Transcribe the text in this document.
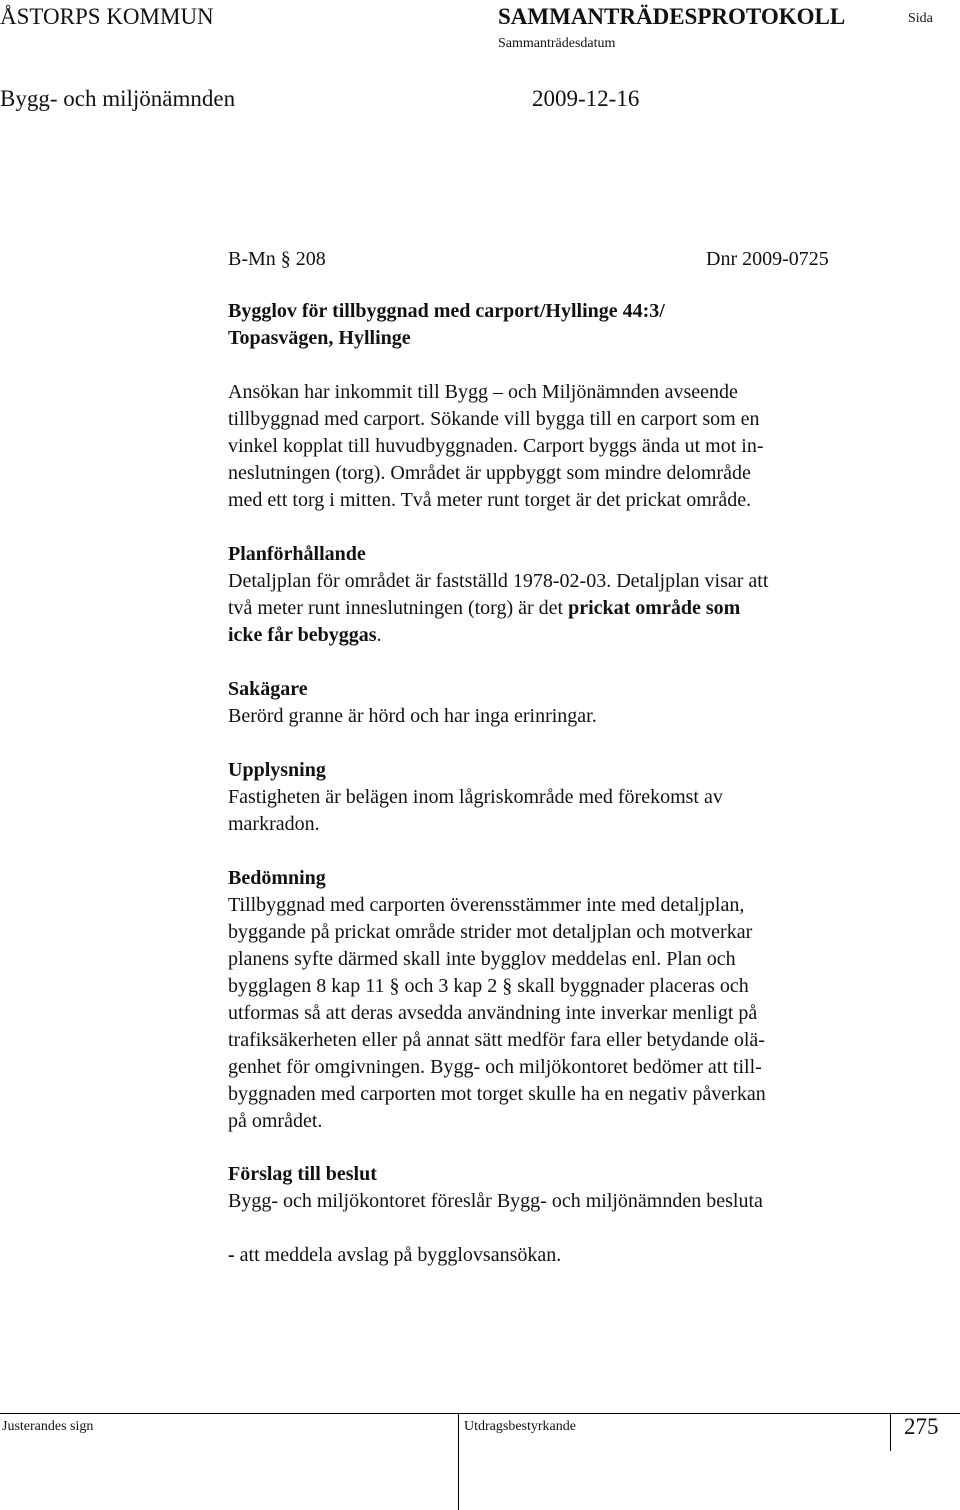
ÅSTORPS KOMMUN	SAMMANTRÄDESPROTOKOLL	Sida
Sammanträdesdatum
Bygg- och miljönämnden	2009-12-16
B-Mn § 208	Dnr 2009-0725

Bygglov för tillbyggnad med carport/Hyllinge 44:3/

Topasvägen, Hyllinge

Ansökan har inkommit till Bygg – och Miljönämnden avseende

tillbyggnad med carport. Sökande vill bygga till en carport som en

vinkel kopplat till huvudbyggnaden. Carport byggs ända ut mot in-

neslutningen (torg). Området är uppbyggt som mindre delområde

med ett torg i mitten. Två meter runt torget är det prickat område.

Planförhållande

Detaljplan för området är fastställd 1978-02-03. Detaljplan visar att

två meter runt inneslutningen (torg) är det prickat område som

icke får bebyggas.

Sakägare

Berörd granne är hörd och har inga erinringar.

Upplysning

Fastigheten är belägen inom lågriskområde med förekomst av

markradon.

Bedömning

Tillbyggnad med carporten överensstämmer inte med detaljplan,

byggande på prickat område strider mot detaljplan och motverkar

planens syfte därmed skall inte bygglov meddelas enl. Plan och

bygglagen 8 kap 11 § och 3 kap 2 § skall byggnader placeras och

utformas så att deras avsedda användning inte inverkar menligt på

trafiksäkerheten eller på annat sätt medför fara eller betydande olä-

genhet för omgivningen. Bygg- och miljökontoret bedömer att till-

byggnaden med carporten mot torget skulle ha en negativ påverkan

på området.

Förslag till beslut

Bygg- och miljökontoret föreslår Bygg- och miljönämnden besluta

- att meddela avslag på bygglovsansökan.

Justerandes sign	Utdragsbestyrkande	275
